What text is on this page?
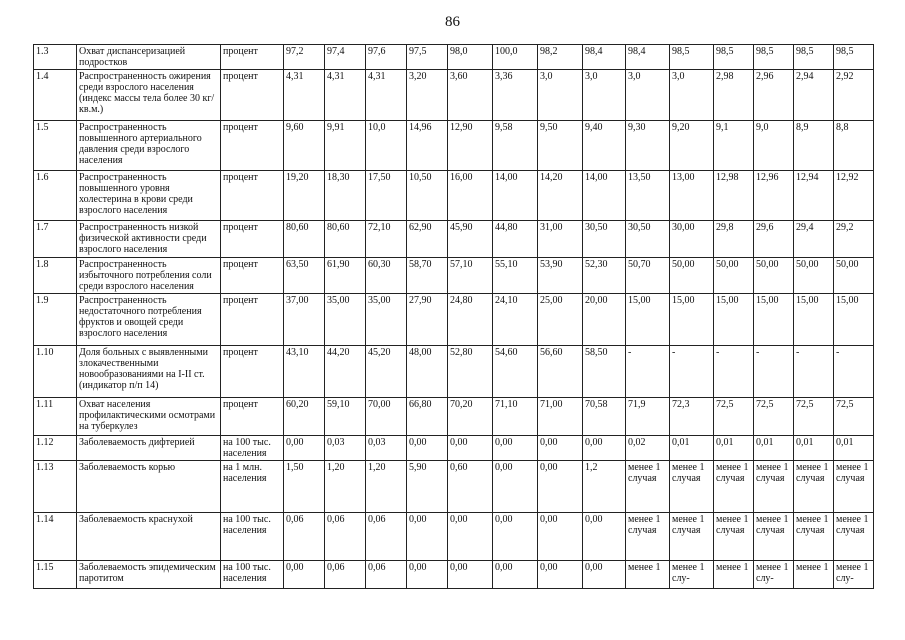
86
1.3	Охват диспансеризацией подростков	процент	97,2	97,4	97,6	97,5	98,0	100,0	98,2	98,4	98,4	98,5	98,5	98,5	98,5	98,5
1.4	Распространенность ожирения среди взрослого населения (индекс массы тела более 30 кг/кв.м.)	процент	4,31	4,31	4,31	3,20	3,60	3,36	3,0	3,0	3,0	3,0	2,98	2,96	2,94	2,92
1.5	Распространенность повышенного артериального давления среди взрослого населения	процент	9,60	9,91	10,0	14,96	12,90	9,58	9,50	9,40	9,30	9,20	9,1	9,0	8,9	8,8
1.6	Распространенность повышенного уровня холестерина в крови среди взрослого населения	процент	19,20	18,30	17,50	10,50	16,00	14,00	14,20	14,00	13,50	13,00	12,98	12,96	12,94	12,92
1.7	Распространенность низкой физической активности среди взрослого населения	процент	80,60	80,60	72,10	62,90	45,90	44,80	31,00	30,50	30,50	30,00	29,8	29,6	29,4	29,2
1.8	Распространенность избыточного потребления соли среди взрослого населения	процент	63,50	61,90	60,30	58,70	57,10	55,10	53,90	52,30	50,70	50,00	50,00	50,00	50,00	50,00
1.9	Распространенность недостаточного потребления фруктов и овощей среди взрослого населения	процент	37,00	35,00	35,00	27,90	24,80	24,10	25,00	20,00	15,00	15,00	15,00	15,00	15,00	15,00
1.10	Доля больных с выявленными злокачественными новообразованиями на I-II ст. (индикатор п/п 14)	процент	43,10	44,20	45,20	48,00	52,80	54,60	56,60	58,50	-	-	-	-	-	-
1.11	Охват населения профилактическими осмотрами на туберкулез	процент	60,20	59,10	70,00	66,80	70,20	71,10	71,00	70,58	71,9	72,3	72,5	72,5	72,5	72,5
1.12	Заболеваемость дифтерией	на 100 тыс. населения	0,00	0,03	0,03	0,00	0,00	0,00	0,00	0,00	0,02	0,01	0,01	0,01	0,01	0,01
1.13	Заболеваемость корью	на 1 млн. населения	1,50	1,20	1,20	5,90	0,60	0,00	0,00	1,2	менее 1 случая	менее 1 случая	менее 1 случая	менее 1 случая	менее 1 случая	менее 1 случая
1.14	Заболеваемость краснухой	на 100 тыс. населения	0,06	0,06	0,06	0,00	0,00	0,00	0,00	0,00	менее 1 случая	менее 1 случая	менее 1 случая	менее 1 случая	менее 1 случая	менее 1 случая
1.15	Заболеваемость эпидемическим паротитом	на 100 тыс. населения	0,00	0,06	0,06	0,00	0,00	0,00	0,00	0,00	менее 1	менее 1 слу-	менее 1	менее 1 слу-	менее 1	менее 1 слу-
